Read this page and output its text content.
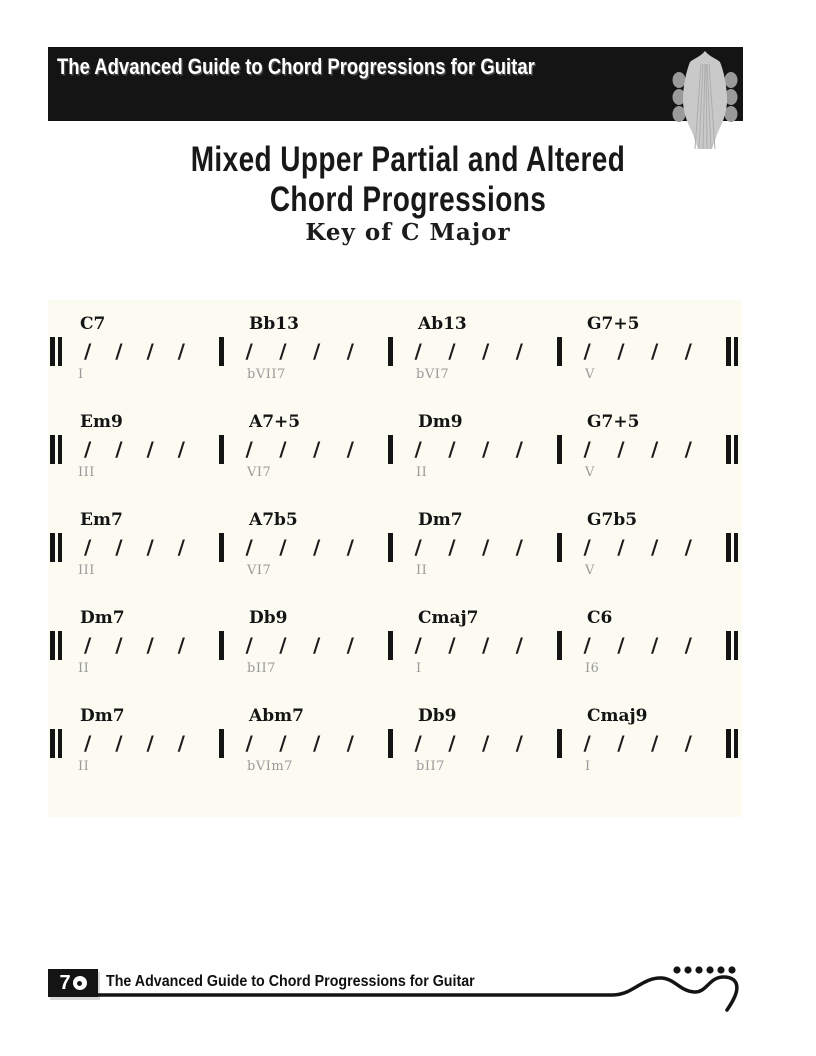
The Advanced Guide to Chord Progressions for Guitar
Mixed Upper Partial and Altered
Chord Progressions
Key of C Major
C7
/ / / /
I
Bb13
/ / / /
bVII7
Ab13
/ / / /
bVI7
G7+5
/ / / /
V
Em9
/ / / /
III
A7+5
/ / / /
VI7
Dm9
/ / / /
II
G7+5
/ / / /
V
Em7
/ / / /
III
A7b5
/ / / /
VI7
Dm7
/ / / /
II
G7b5
/ / / /
V
Dm7
/ / / /
II
Db9
/ / / /
bII7
Cmaj7
/ / / /
I
C6
/ / / /
I6
Dm7
/ / / /
II
Abm7
/ / / /
bVIm7
Db9
/ / / /
bII7
Cmaj9
/ / / /
I
7 The Advanced Guide to Chord Progressions for Guitar
